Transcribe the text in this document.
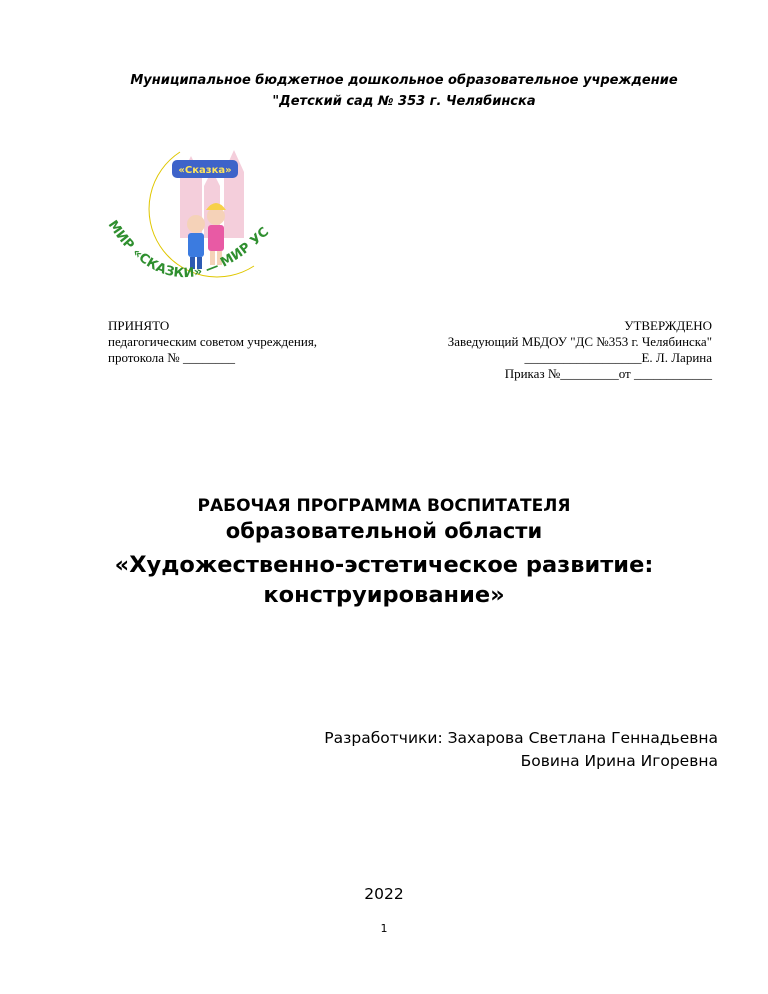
Муниципальное бюджетное дошкольное образовательное учреждение
"Детский сад № 353 г. Челябинска
«Сказка»
МИР «СКАЗКИ» — МИР УС
ПРИНЯТО
педагогическим советом учреждения,
протокола № ________
УТВЕРЖДЕНО
Заведующий МБДОУ "ДС №353 г. Челябинска"
__________________Е. Л. Ларина
Приказ №_________от ____________
РАБОЧАЯ ПРОГРАММА ВОСПИТАТЕЛЯ
образовательной области
«Художественно-эстетическое развитие:
конструирование»
Разработчики: Захарова Светлана Геннадьевна
Бовина Ирина Игоревна
2022
1
